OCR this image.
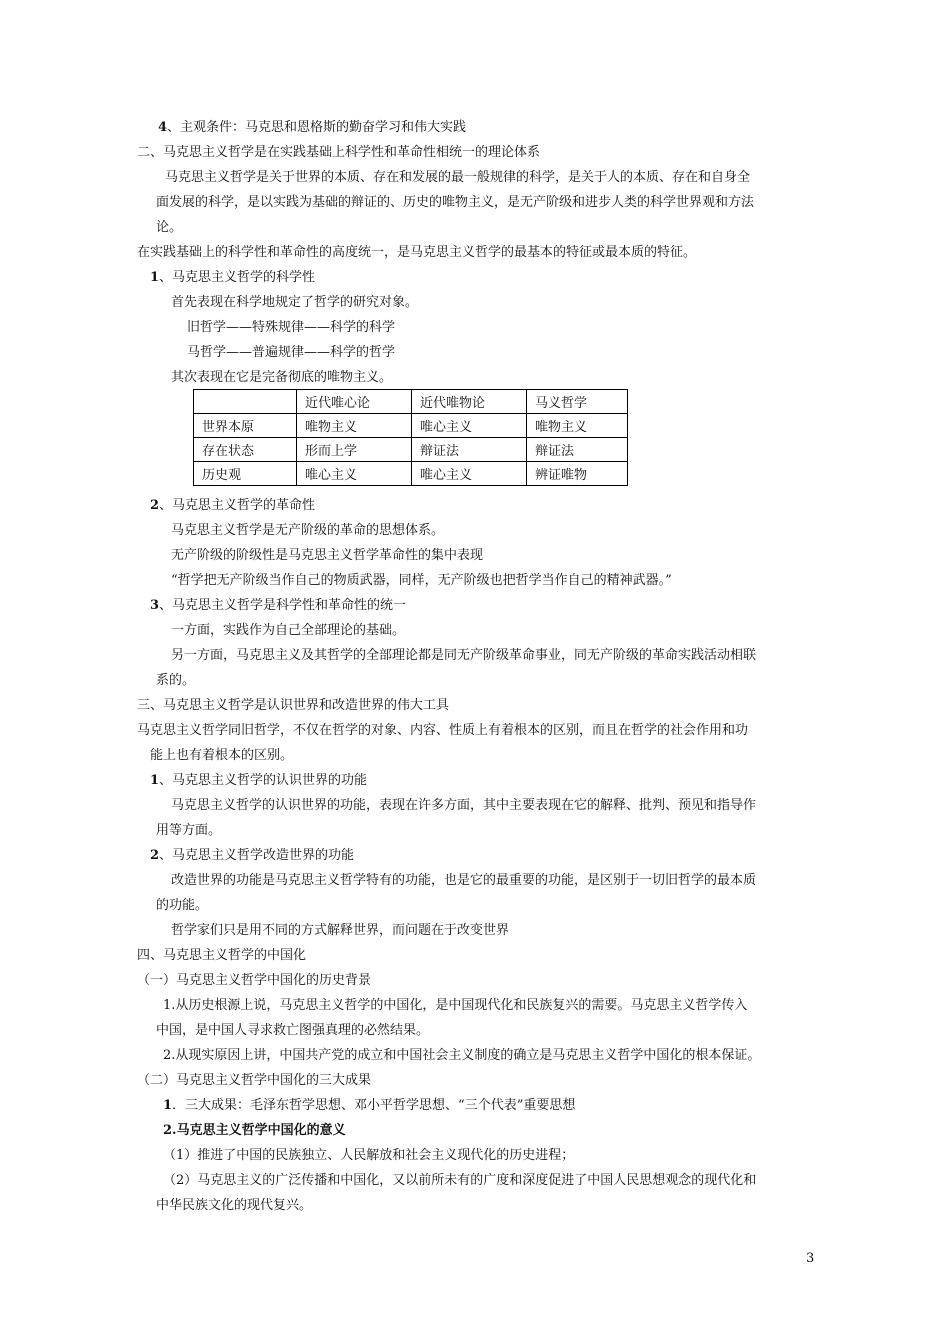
4、主观条件：马克思和恩格斯的勤奋学习和伟大实践
二、马克思主义哲学是在实践基础上科学性和革命性相统一的理论体系
马克思主义哲学是关于世界的本质、存在和发展的最一般规律的科学，是关于人的本质、存在和自身全
面发展的科学，是以实践为基础的辩证的、历史的唯物主义，是无产阶级和进步人类的科学世界观和方法
论。
在实践基础上的科学性和革命性的高度统一，是马克思主义哲学的最基本的特征或最本质的特征。
1、马克思主义哲学的科学性
首先表现在科学地规定了哲学的研究对象。
旧哲学——特殊规律——科学的科学
马哲学——普遍规律——科学的哲学
其次表现在它是完备彻底的唯物主义。
	近代唯心论	近代唯物论	马义哲学
世界本原	唯物主义	唯心主义	唯物主义
存在状态	形而上学	辩证法	辩证法
历史观	唯心主义	唯心主义	辨证唯物
2、马克思主义哲学的革命性
马克思主义哲学是无产阶级的革命的思想体系。
无产阶级的阶级性是马克思主义哲学革命性的集中表现
“哲学把无产阶级当作自己的物质武器，同样，无产阶级也把哲学当作自己的精神武器。”
3、马克思主义哲学是科学性和革命性的统一
一方面，实践作为自己全部理论的基础。
另一方面，马克思主义及其哲学的全部理论都是同无产阶级革命事业，同无产阶级的革命实践活动相联
系的。
三、马克思主义哲学是认识世界和改造世界的伟大工具
马克思主义哲学同旧哲学，不仅在哲学的对象、内容、性质上有着根本的区别，而且在哲学的社会作用和功
能上也有着根本的区别。
1、马克思主义哲学的认识世界的功能
马克思主义哲学的认识世界的功能，表现在许多方面，其中主要表现在它的解释、批判、预见和指导作
用等方面。
2、马克思主义哲学改造世界的功能
改造世界的功能是马克思主义哲学特有的功能，也是它的最重要的功能，是区别于一切旧哲学的最本质
的功能。
哲学家们只是用不同的方式解释世界，而问题在于改变世界
四、马克思主义哲学的中国化
（一）马克思主义哲学中国化的历史背景
1.从历史根源上说，马克思主义哲学的中国化，是中国现代化和民族复兴的需要。马克思主义哲学传入
中国，是中国人寻求救亡图强真理的必然结果。
2.从现实原因上讲，中国共产党的成立和中国社会主义制度的确立是马克思主义哲学中国化的根本保证。
（二）马克思主义哲学中国化的三大成果
1．三大成果：毛泽东哲学思想、邓小平哲学思想、“三个代表”重要思想
2.马克思主义哲学中国化的意义
（1）推进了中国的民族独立、人民解放和社会主义现代化的历史进程；
（2）马克思主义的广泛传播和中国化，又以前所未有的广度和深度促进了中国人民思想观念的现代化和
中华民族文化的现代复兴。
3
